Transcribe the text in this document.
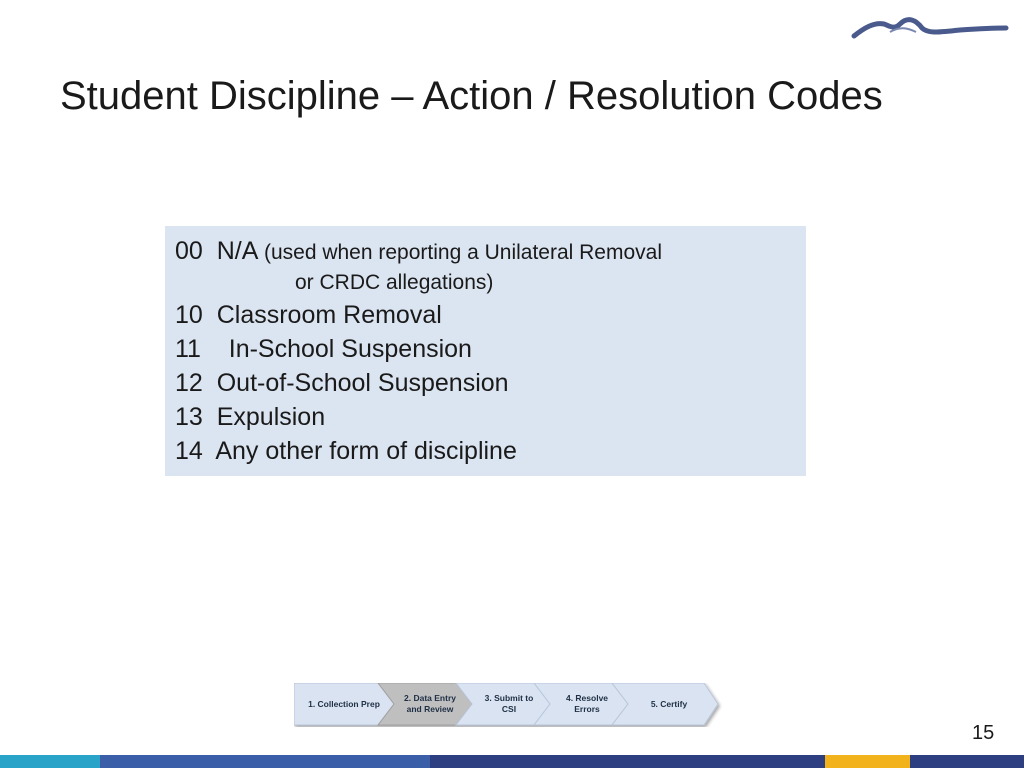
Student Discipline – Action / Resolution Codes
00 N/A (used when reporting a Unilateral Removal
or CRDC allegations)
10 Classroom Removal
11 In-School Suspension
12 Out-of-School Suspension
13 Expulsion
14 Any other form of discipline
1. Collection Prep
2. Data Entry and Review
3. Submit to CSI
4. Resolve Errors
5. Certify
15
